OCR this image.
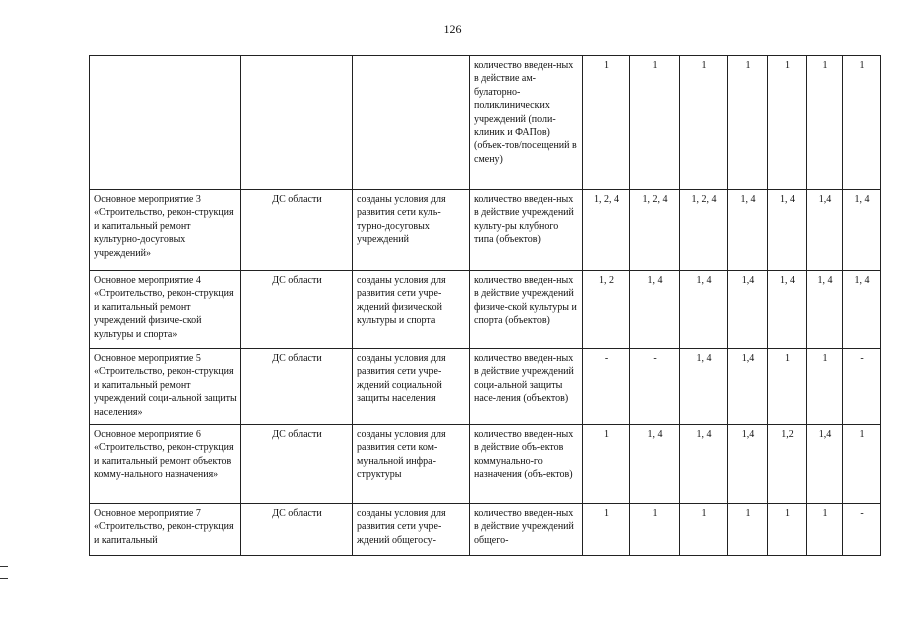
126
			количество введен-ных в действие ам-булаторно-поликлинических учреждений (поли-клиник и ФАПов) (объек-тов/посещений в смену)	1	1	1	1	1	1	1
Основное мероприятие 3 «Строительство, рекон-струкция и капитальный ремонт культурно-досуговых учреждений»	ДС области	созданы условия для развития сети куль-турно-досуговых учреждений	количество введен-ных в действие учреждений культу-ры клубного типа (объектов)	1, 2, 4	1, 2, 4	1, 2, 4	1, 4	1, 4	1,4	1, 4
Основное мероприятие 4 «Строительство, рекон-струкция и капитальный ремонт учреждений физиче-ской культуры и спорта»	ДС области	созданы условия для развития сети учре-ждений физической культуры и спорта	количество введен-ных в действие учреждений физиче-ской культуры и спорта (объектов)	1, 2	1, 4	1, 4	1,4	1, 4	1, 4	1, 4
Основное мероприятие 5 «Строительство, рекон-струкция и капитальный ремонт учреждений соци-альной защиты населения»	ДС области	созданы условия для развития сети учре-ждений социальной защиты населения	количество введен-ных в действие учреждений соци-альной защиты насе-ления (объектов)	-	-	1, 4	1,4	1	1	-
Основное мероприятие 6 «Строительство, рекон-струкция и капитальный ремонт объектов комму-нального назначения»	ДС области	созданы условия для развития сети ком-мунальной инфра-структуры	количество введен-ных в действие объ-ектов коммунально-го назначения (объ-ектов)	1	1, 4	1, 4	1,4	1,2	1,4	1
Основное мероприятие 7 «Строительство, рекон-струкция и капитальный	ДС области	созданы условия для развития сети учре-ждений общегосу-	количество введен-ных в действие учреждений общего-	1	1	1	1	1	1	-
